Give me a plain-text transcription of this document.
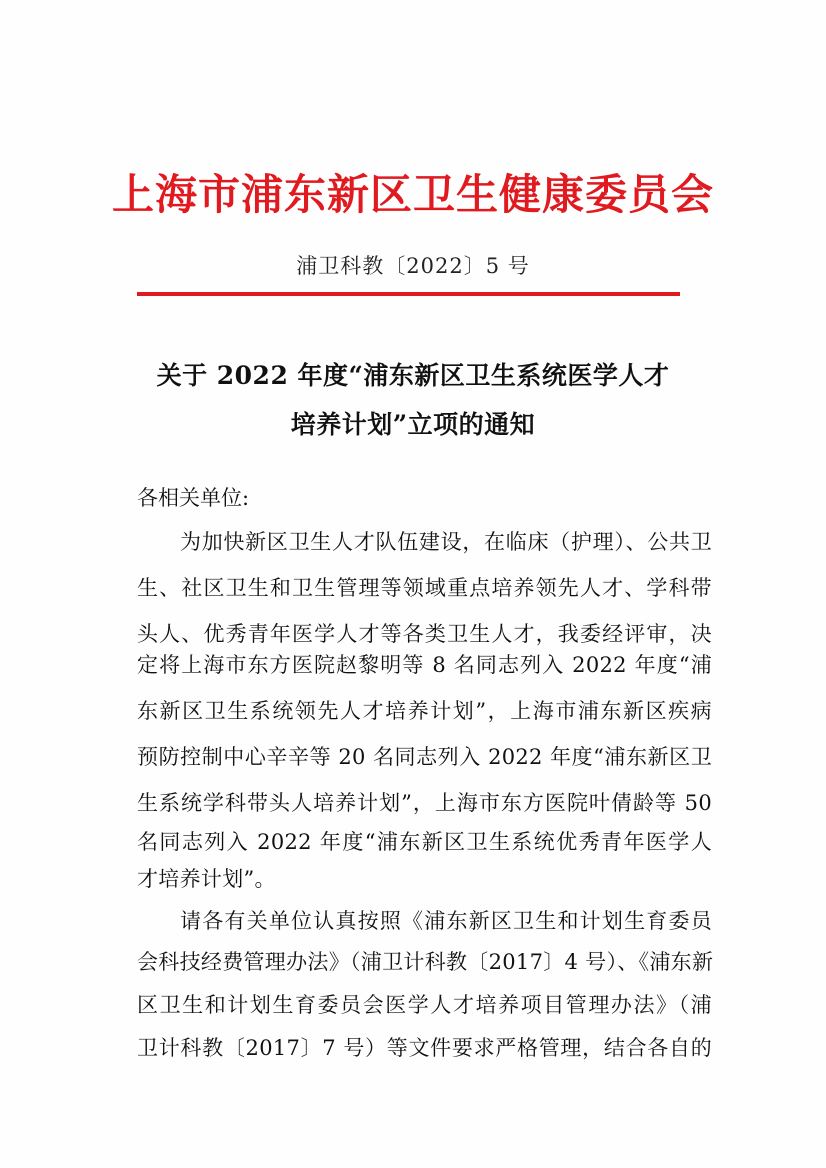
上海市浦东新区卫生健康委员会
浦卫科教〔2022〕5 号
关于 2022 年度“浦东新区卫生系统医学人才
培养计划”立项的通知
各相关单位:
为加快新区卫生人才队伍建设，在临床（护理）、公共卫
生、社区卫生和卫生管理等领域重点培养领先人才、学科带
头人、优秀青年医学人才等各类卫生人才，我委经评审，决
定将上海市东方医院赵黎明等 8 名同志列入 2022 年度“浦
东新区卫生系统领先人才培养计划”，上海市浦东新区疾病
预防控制中心辛辛等 20 名同志列入 2022 年度“浦东新区卫
生系统学科带头人培养计划”，上海市东方医院叶倩龄等 50
名同志列入 2022 年度“浦东新区卫生系统优秀青年医学人
才培养计划”。
请各有关单位认真按照《浦东新区卫生和计划生育委员
会科技经费管理办法》（浦卫计科教〔2017〕4 号）、《浦东新
区卫生和计划生育委员会医学人才培养项目管理办法》（浦
卫计科教〔2017〕7 号）等文件要求严格管理，结合各自的
